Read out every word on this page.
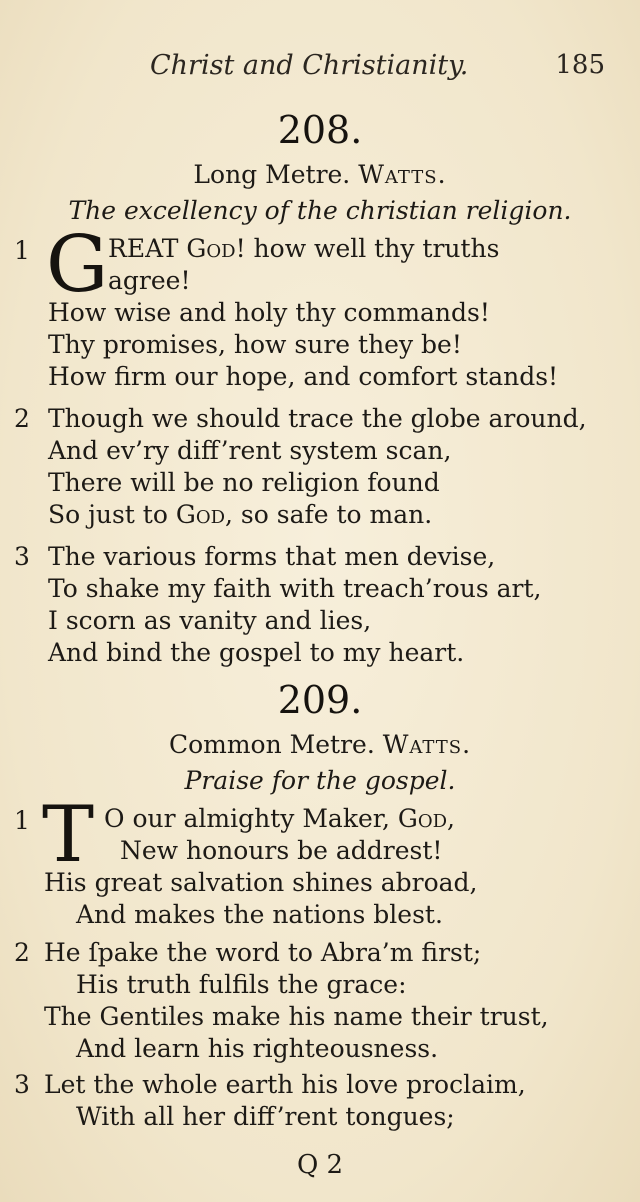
Christ and Christianity.	185
208.
Long Metre. Watts.
The excellency of the christian religion.
1 G REAT God! how well thy truths
agree!
How wise and holy thy commands!
Thy promises, how sure they be!
How firm our hope, and comfort stands!
2 Though we should trace the globe around,
And ev’ry diff’rent system scan,
There will be no religion found
So just to God, so safe to man.
3 The various forms that men devise,
To shake my faith with treach’rous art,
I scorn as vanity and lies,
And bind the gospel to my heart.
209.
Common Metre. Watts.
Praise for the gospel.
1 T O our almighty Maker, God,
New honours be addrest!
His great salvation shines abroad,
And makes the nations blest.
2 He ſpake the word to Abra’m first;
His truth fulfils the grace:
The Gentiles make his name their trust,
And learn his righteousness.
3 Let the whole earth his love proclaim,
With all her diff’rent tongues;
Q 2
